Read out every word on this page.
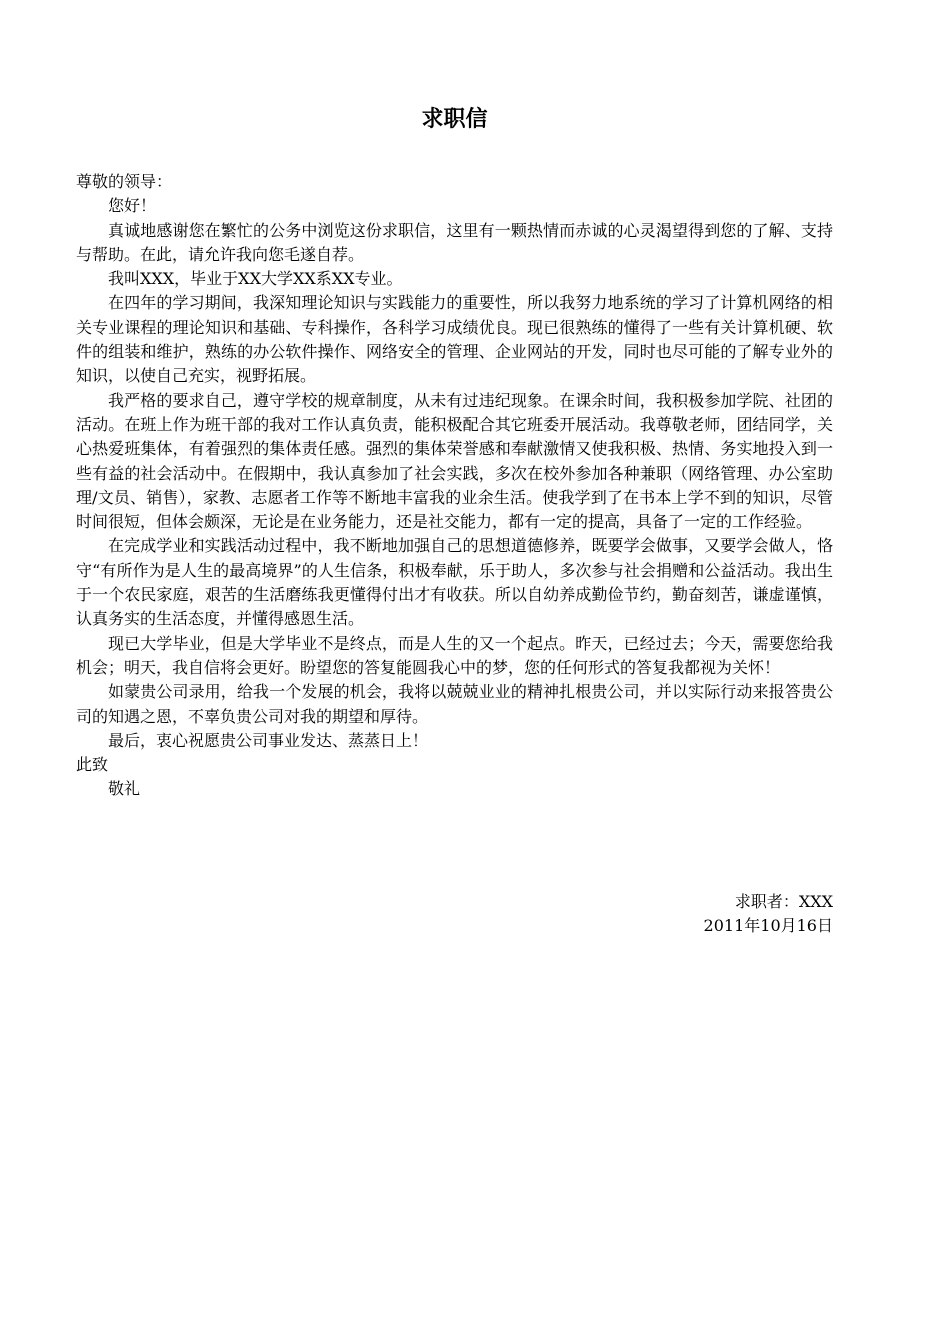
求职信

尊敬的领导：

您好！

真诚地感谢您在繁忙的公务中浏览这份求职信，这里有一颗热情而赤诚的心灵渴望得到您的了解、支持与帮助。在此，请允许我向您毛遂自荐。

我叫XXX，毕业于XX大学XX系XX专业。

在四年的学习期间，我深知理论知识与实践能力的重要性，所以我努力地系统的学习了计算机网络的相关专业课程的理论知识和基础、专科操作，各科学习成绩优良。现已很熟练的懂得了一些有关计算机硬、软件的组装和维护，熟练的办公软件操作、网络安全的管理、企业网站的开发，同时也尽可能的了解专业外的知识，以使自己充实，视野拓展。

我严格的要求自己，遵守学校的规章制度，从未有过违纪现象。在课余时间，我积极参加学院、社团的活动。在班上作为班干部的我对工作认真负责，能积极配合其它班委开展活动。我尊敬老师，团结同学，关心热爱班集体，有着强烈的集体责任感。强烈的集体荣誉感和奉献激情又使我积极、热情、务实地投入到一些有益的社会活动中。在假期中，我认真参加了社会实践，多次在校外参加各种兼职（网络管理、办公室助理/文员、销售），家教、志愿者工作等不断地丰富我的业余生活。使我学到了在书本上学不到的知识，尽管时间很短，但体会颇深，无论是在业务能力，还是社交能力，都有一定的提高，具备了一定的工作经验。

在完成学业和实践活动过程中，我不断地加强自己的思想道德修养，既要学会做事，又要学会做人，恪守“有所作为是人生的最高境界”的人生信条，积极奉献，乐于助人，多次参与社会捐赠和公益活动。我出生于一个农民家庭，艰苦的生活磨练我更懂得付出才有收获。所以自幼养成勤俭节约，勤奋刻苦，谦虚谨慎，认真务实的生活态度，并懂得感恩生活。

现已大学毕业，但是大学毕业不是终点，而是人生的又一个起点。昨天，已经过去；今天，需要您给我机会；明天，我自信将会更好。盼望您的答复能圆我心中的梦，您的任何形式的答复我都视为关怀！

如蒙贵公司录用，给我一个发展的机会，我将以兢兢业业的精神扎根贵公司，并以实际行动来报答贵公司的知遇之恩，不辜负贵公司对我的期望和厚待。

最后，衷心祝愿贵公司事业发达、蒸蒸日上！

此致

敬礼

求职者：XXX

2011年10月16日
